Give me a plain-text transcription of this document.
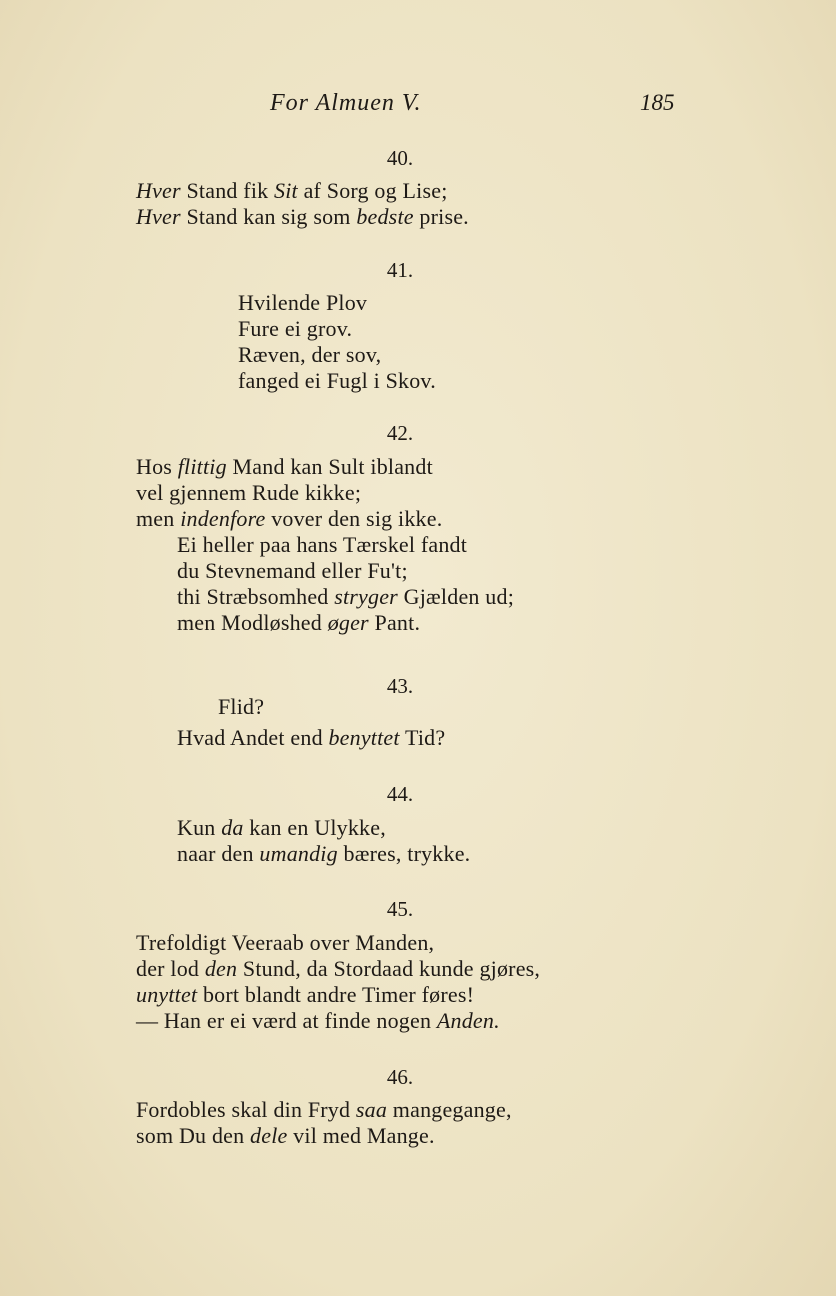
For Almuen V.	185
40.
Hver Stand fik Sit af Sorg og Lise;
Hver Stand kan sig som bedste prise.
41.
Hvilende Plov
Fure ei grov.
Ræven, der sov,
fanged ei Fugl i Skov.
42.
Hos flittig Mand kan Sult iblandt
vel gjennem Rude kikke;
men indenfore vover den sig ikke.
Ei heller paa hans Tærskel fandt
du Stevnemand eller Fu't;
thi Stræbsomhed stryger Gjælden ud;
men Modløshed øger Pant.
43.
Flid?
Hvad Andet end benyttet Tid?
44.
Kun da kan en Ulykke,
naar den umandig bæres, trykke.
45.
Trefoldigt Veeraab over Manden,
der lod den Stund, da Stordaad kunde gjøres,
unyttet bort blandt andre Timer føres!
— Han er ei værd at finde nogen Anden.
46.
Fordobles skal din Fryd saa mangegange,
som Du den dele vil med Mange.
